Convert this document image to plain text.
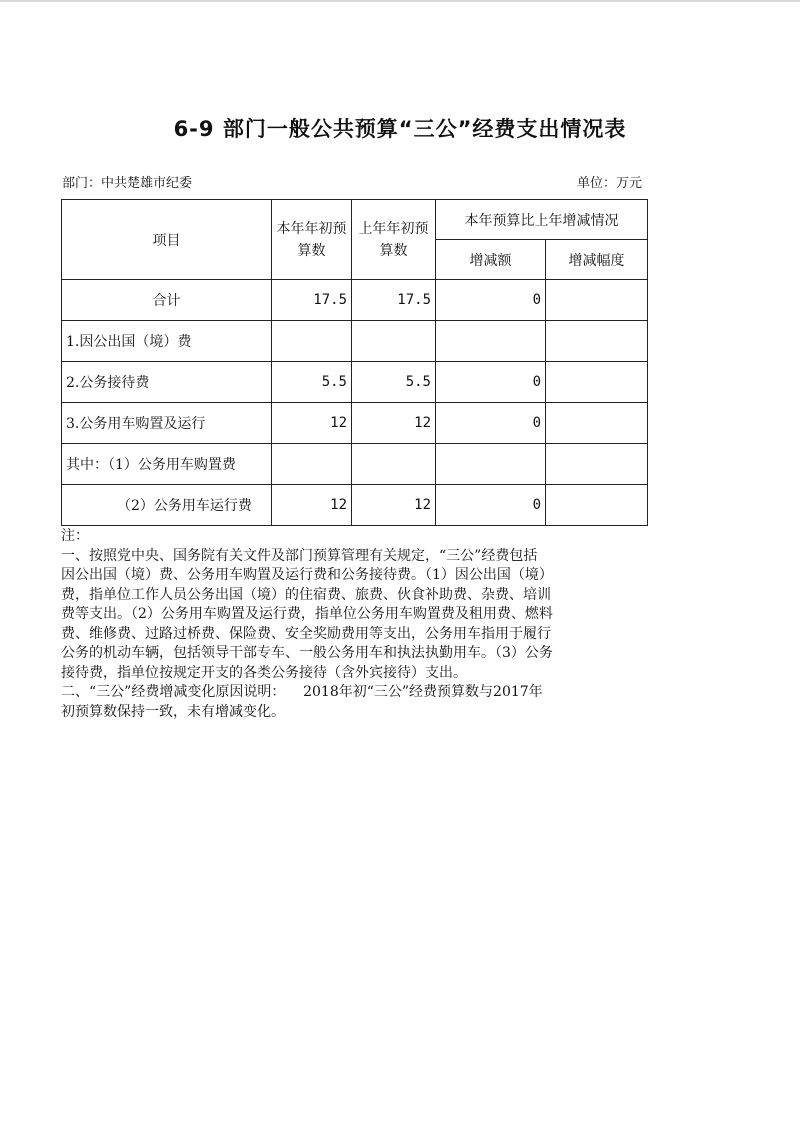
6-9 部门一般公共预算“三公”经费支出情况表
部门：中共楚雄市纪委	单位：万元
项目	本年年初预算数	上年年初预算数	本年预算比上年增减情况	
			增减额	增减幅度
合计	17.5	17.5	0	
1.因公出国（境）费				
2.公务接待费	5.5	5.5	0	
3.公务用车购置及运行	12	12	0	
其中：（1）公务用车购置费				
（2）公务用车运行费	12	12	0	

注：

一、按照党中央、国务院有关文件及部门预算管理有关规定，“三公”经费包括

因公出国（境）费、公务用车购置及运行费和公务接待费。（1）因公出国（境）

费，指单位工作人员公务出国（境）的住宿费、旅费、伙食补助费、杂费、培训

费等支出。（2）公务用车购置及运行费，指单位公务用车购置费及租用费、燃料

费、维修费、过路过桥费、保险费、安全奖励费用等支出，公务用车指用于履行

公务的机动车辆，包括领导干部专车、一般公务用车和执法执勤用车。（3）公务

接待费，指单位按规定开支的各类公务接待（含外宾接待）支出。

二、“三公”经费增减变化原因说明：    2018年初“三公”经费预算数与2017年

初预算数保持一致，未有增减变化。
